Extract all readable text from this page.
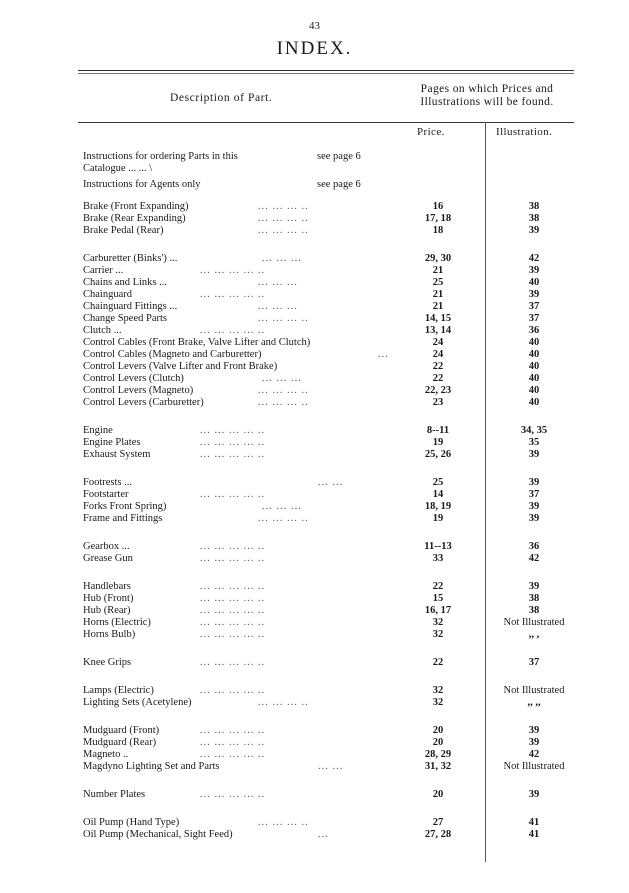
43
INDEX.
Description of Part.
Pages on which Prices and
Illustrations will be found.
Price.	Illustration.
Instructions for ordering Parts in this	see page 6
Catalogue ... ... \
Instructions for Agents only	see page 6
Brake (Front Expanding)	... ... ... ..	16	38
Brake (Rear Expanding)	... ... ... ..	17, 18	38
Brake Pedal (Rear)	... ... ... ..	18	39
Carburetter (Binks') ...	... ... ...	29, 30	42
Carrier ...	... ... ... ... ..	21	39
Chains and Links ...	... ... ...	25	40
Chainguard	... ... ... ... ..	21	39
Chainguard Fittings ...	... ... ...	21	37
Change Speed Parts	... ... ... ..	14, 15	37
Clutch ...	... ... ... ... ..	13, 14	36
Control Cables (Front Brake, Valve Lifter and Clutch)	24	40
Control Cables (Magneto and Carburetter)	...	24	40
Control Levers (Valve Lifter and Front Brake)	22	40
Control Levers (Clutch)	... ... ...	22	40
Control Levers (Magneto)	... ... ... ..	22, 23	40
Control Levers (Carburetter)	... ... ... ..	23	40
Engine	... ... ... ... ..	8--11	34, 35
Engine Plates	... ... ... ... ..	19	35
Exhaust System	... ... ... ... ..	25, 26	39
Footrests ...	... ...	25	39
Footstarter	... ... ... ... ..	14	37
Forks Front Spring)	... ... ...	18, 19	39
Frame and Fittings	... ... ... ..	19	39
Gearbox ...	... ... ... ... ..	11--13	36
Grease Gun	... ... ... ... ..	33	42
Handlebars	... ... ... ... ..	22	39
Hub (Front)	... ... ... ... ..	15	38
Hub (Rear)	... ... ... ... ..	16, 17	38
Horns (Electric)	... ... ... ... ..	32	Not Illustrated
Horns Bulb)	... ... ... ... ..	32	,, ,
Knee Grips	... ... ... ... ..	22	37
Lamps (Electric)	... ... ... ... ..	32	Not Illustrated
Lighting Sets (Acetylene)	... ... ... ..	32	,, ,,
Mudguard (Front)	... ... ... ... ..	20	39
Mudguard (Rear)	... ... ... ... ..	20	39
Magneto ..	... ... ... ... ..	28, 29	42
Magdyno Lighting Set and Parts	... ...	31, 32	Not Illustrated
Number Plates	... ... ... ... ..	20	39
Oil Pump (Hand Type)	... ... ... ..	27	41
Oil Pump (Mechanical, Sight Feed)	...	27, 28	41
